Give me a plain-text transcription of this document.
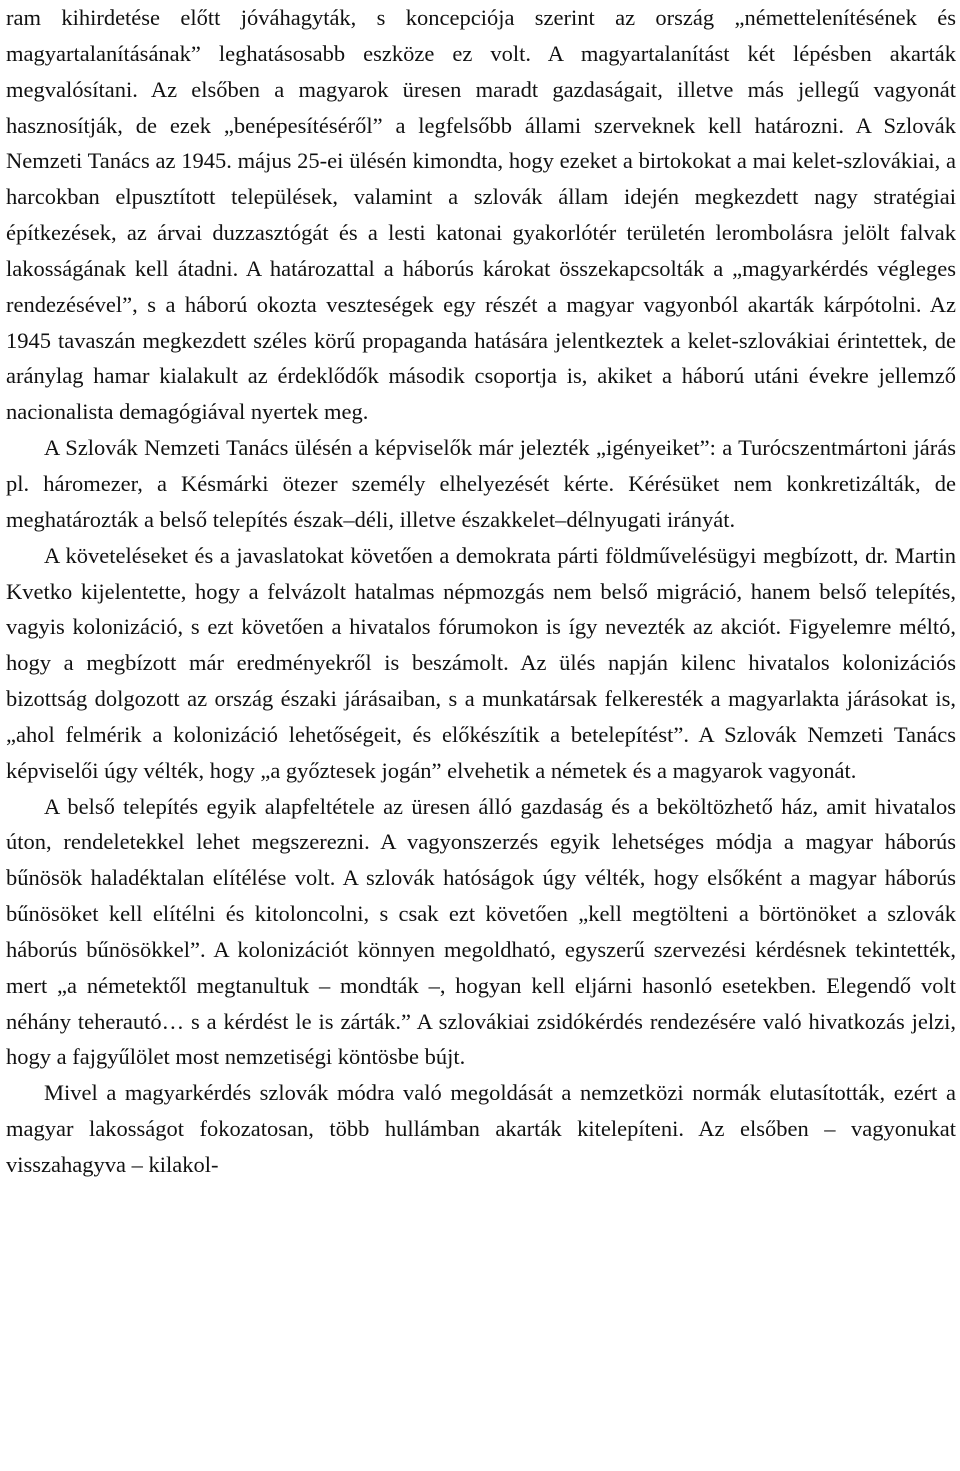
ram kihirdetése előtt jóváhagyták, s koncepciója szerint az ország „némettelenítésének és magyartalanításának” leghatásosabb eszköze ez volt. A magyartalanítást két lépésben akarták megvalósítani. Az elsőben a magyarok üresen maradt gazdaságait, illetve más jellegű vagyonát hasznosítják, de ezek „benépesítéséről” a legfelsőbb állami szerveknek kell határozni. A Szlovák Nemzeti Tanács az 1945. május 25-ei ülésén kimondta, hogy ezeket a birtokokat a mai kelet-szlovákiai, a harcokban elpusztított települések, valamint a szlovák állam idején megkezdett nagy stratégiai építkezések, az árvai duzzasztógát és a lesti katonai gyakorlótér területén lerombolásra jelölt falvak lakosságának kell átadni. A határozattal a háborús károkat összekapcsolták a „magyarkérdés végleges rendezésével”, s a háború okozta veszteségek egy részét a magyar vagyonból akarták kárpótolni. Az 1945 tavaszán megkezdett széles körű propaganda hatására jelentkeztek a kelet-szlovákiai érintettek, de aránylag hamar kialakult az érdeklődők második csoportja is, akiket a háború utáni évekre jellemző nacionalista demagógiával nyertek meg.

A Szlovák Nemzeti Tanács ülésén a képviselők már jelezték „igényeiket”: a Turócszentmártoni járás pl. háromezer, a Késmárki ötezer személy elhelyezését kérte. Kérésüket nem konkretizálták, de meghatározták a belső telepítés észak–déli, illetve északkelet–délnyugati irányát.

A követeléseket és a javaslatokat követően a demokrata párti földművelésügyi megbízott, dr. Martin Kvetko kijelentette, hogy a felvázolt hatalmas népmozgás nem belső migráció, hanem belső telepítés, vagyis kolonizáció, s ezt követően a hivatalos fórumokon is így nevezték az akciót. Figyelemre méltó, hogy a megbízott már eredményekről is beszámolt. Az ülés napján kilenc hivatalos kolonizációs bizottság dolgozott az ország északi járásaiban, s a munkatársak felkeresték a magyarlakta járásokat is, „ahol felmérik a kolonizáció lehetőségeit, és előkészítik a betelepítést”. A Szlovák Nemzeti Tanács képviselői úgy vélték, hogy „a győztesek jogán” elvehetik a németek és a magyarok vagyonát.

A belső telepítés egyik alapfeltétele az üresen álló gazdaság és a beköltözhető ház, amit hivatalos úton, rendeletekkel lehet megszerezni. A vagyonszerzés egyik lehetséges módja a magyar háborús bűnösök haladéktalan elítélése volt. A szlovák hatóságok úgy vélték, hogy elsőként a magyar háborús bűnösöket kell elítélni és kitoloncolni, s csak ezt követően „kell megtölteni a börtönöket a szlovák háborús bűnösökkel”. A kolonizációt könnyen megoldható, egyszerű szervezési kérdésnek tekintették, mert „a németektől megtanultuk – mondták –, hogyan kell eljárni hasonló esetekben. Elegendő volt néhány teherautó… s a kérdést le is zárták.” A szlovákiai zsidókérdés rendezésére való hivatkozás jelzi, hogy a fajgyűlölet most nemzetiségi köntösbe bújt.

Mivel a magyarkérdés szlovák módra való megoldását a nemzetközi normák elutasították, ezért a magyar lakosságot fokozatosan, több hullámban akarták kitelepíteni. Az elsőben – vagyonukat visszahagyva – kilakol-
